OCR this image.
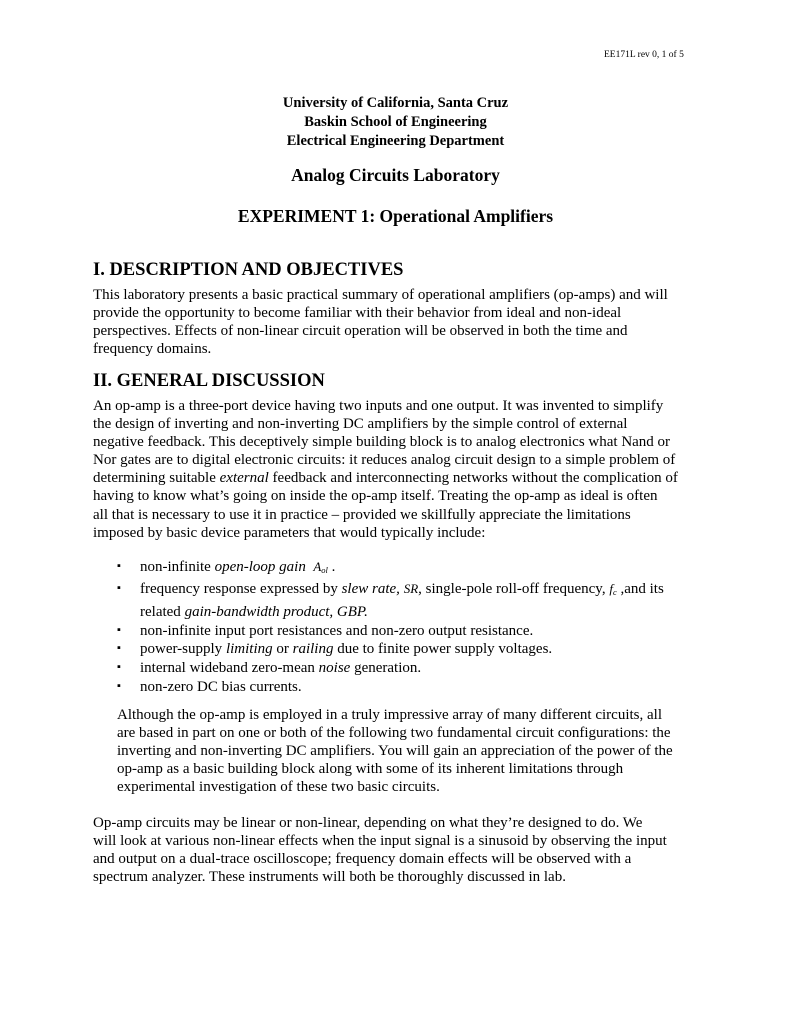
EE171L rev 0, 1 of 5
University of California, Santa Cruz
Baskin School of Engineering
Electrical Engineering Department
Analog Circuits Laboratory
EXPERIMENT 1: Operational Amplifiers
I. DESCRIPTION AND OBJECTIVES
This laboratory presents a basic practical summary of operational amplifiers (op-amps) and will
provide the opportunity to become familiar with their behavior from ideal and non-ideal
perspectives. Effects of non-linear circuit operation will be observed in both the time and
frequency domains.
II. GENERAL DISCUSSION
An op-amp is a three-port device having two inputs and one output. It was invented to simplify
the design of inverting and non-inverting DC amplifiers by the simple control of external
negative feedback. This deceptively simple building block is to analog electronics what Nand or
Nor gates are to digital electronic circuits: it reduces analog circuit design to a simple problem of
determining suitable external feedback and interconnecting networks without the complication of
having to know what’s going on inside the op-amp itself. Treating the op-amp as ideal is often
all that is necessary to use it in practice – provided we skillfully appreciate the limitations
imposed by basic device parameters that would typically include:
▪ non-infinite open-loop gain $A_{ol}$ .
▪ frequency response expressed by slew rate, SR, single-pole roll-off frequency, $f_c$ ,and its
related gain-bandwidth product, GBP.
▪ non-infinite input port resistances and non-zero output resistance.
▪ power-supply limiting or railing due to finite power supply voltages.
▪ internal wideband zero-mean noise generation.
▪ non-zero DC bias currents.
Although the op-amp is employed in a truly impressive array of many different circuits, all
are based in part on one or both of the following two fundamental circuit configurations: the
inverting and non-inverting DC amplifiers. You will gain an appreciation of the power of the
op-amp as a basic building block along with some of its inherent limitations through
experimental investigation of these two basic circuits.
Op-amp circuits may be linear or non-linear, depending on what they’re designed to do. We
will look at various non-linear effects when the input signal is a sinusoid by observing the input
and output on a dual-trace oscilloscope; frequency domain effects will be observed with a
spectrum analyzer. These instruments will both be thoroughly discussed in lab.
